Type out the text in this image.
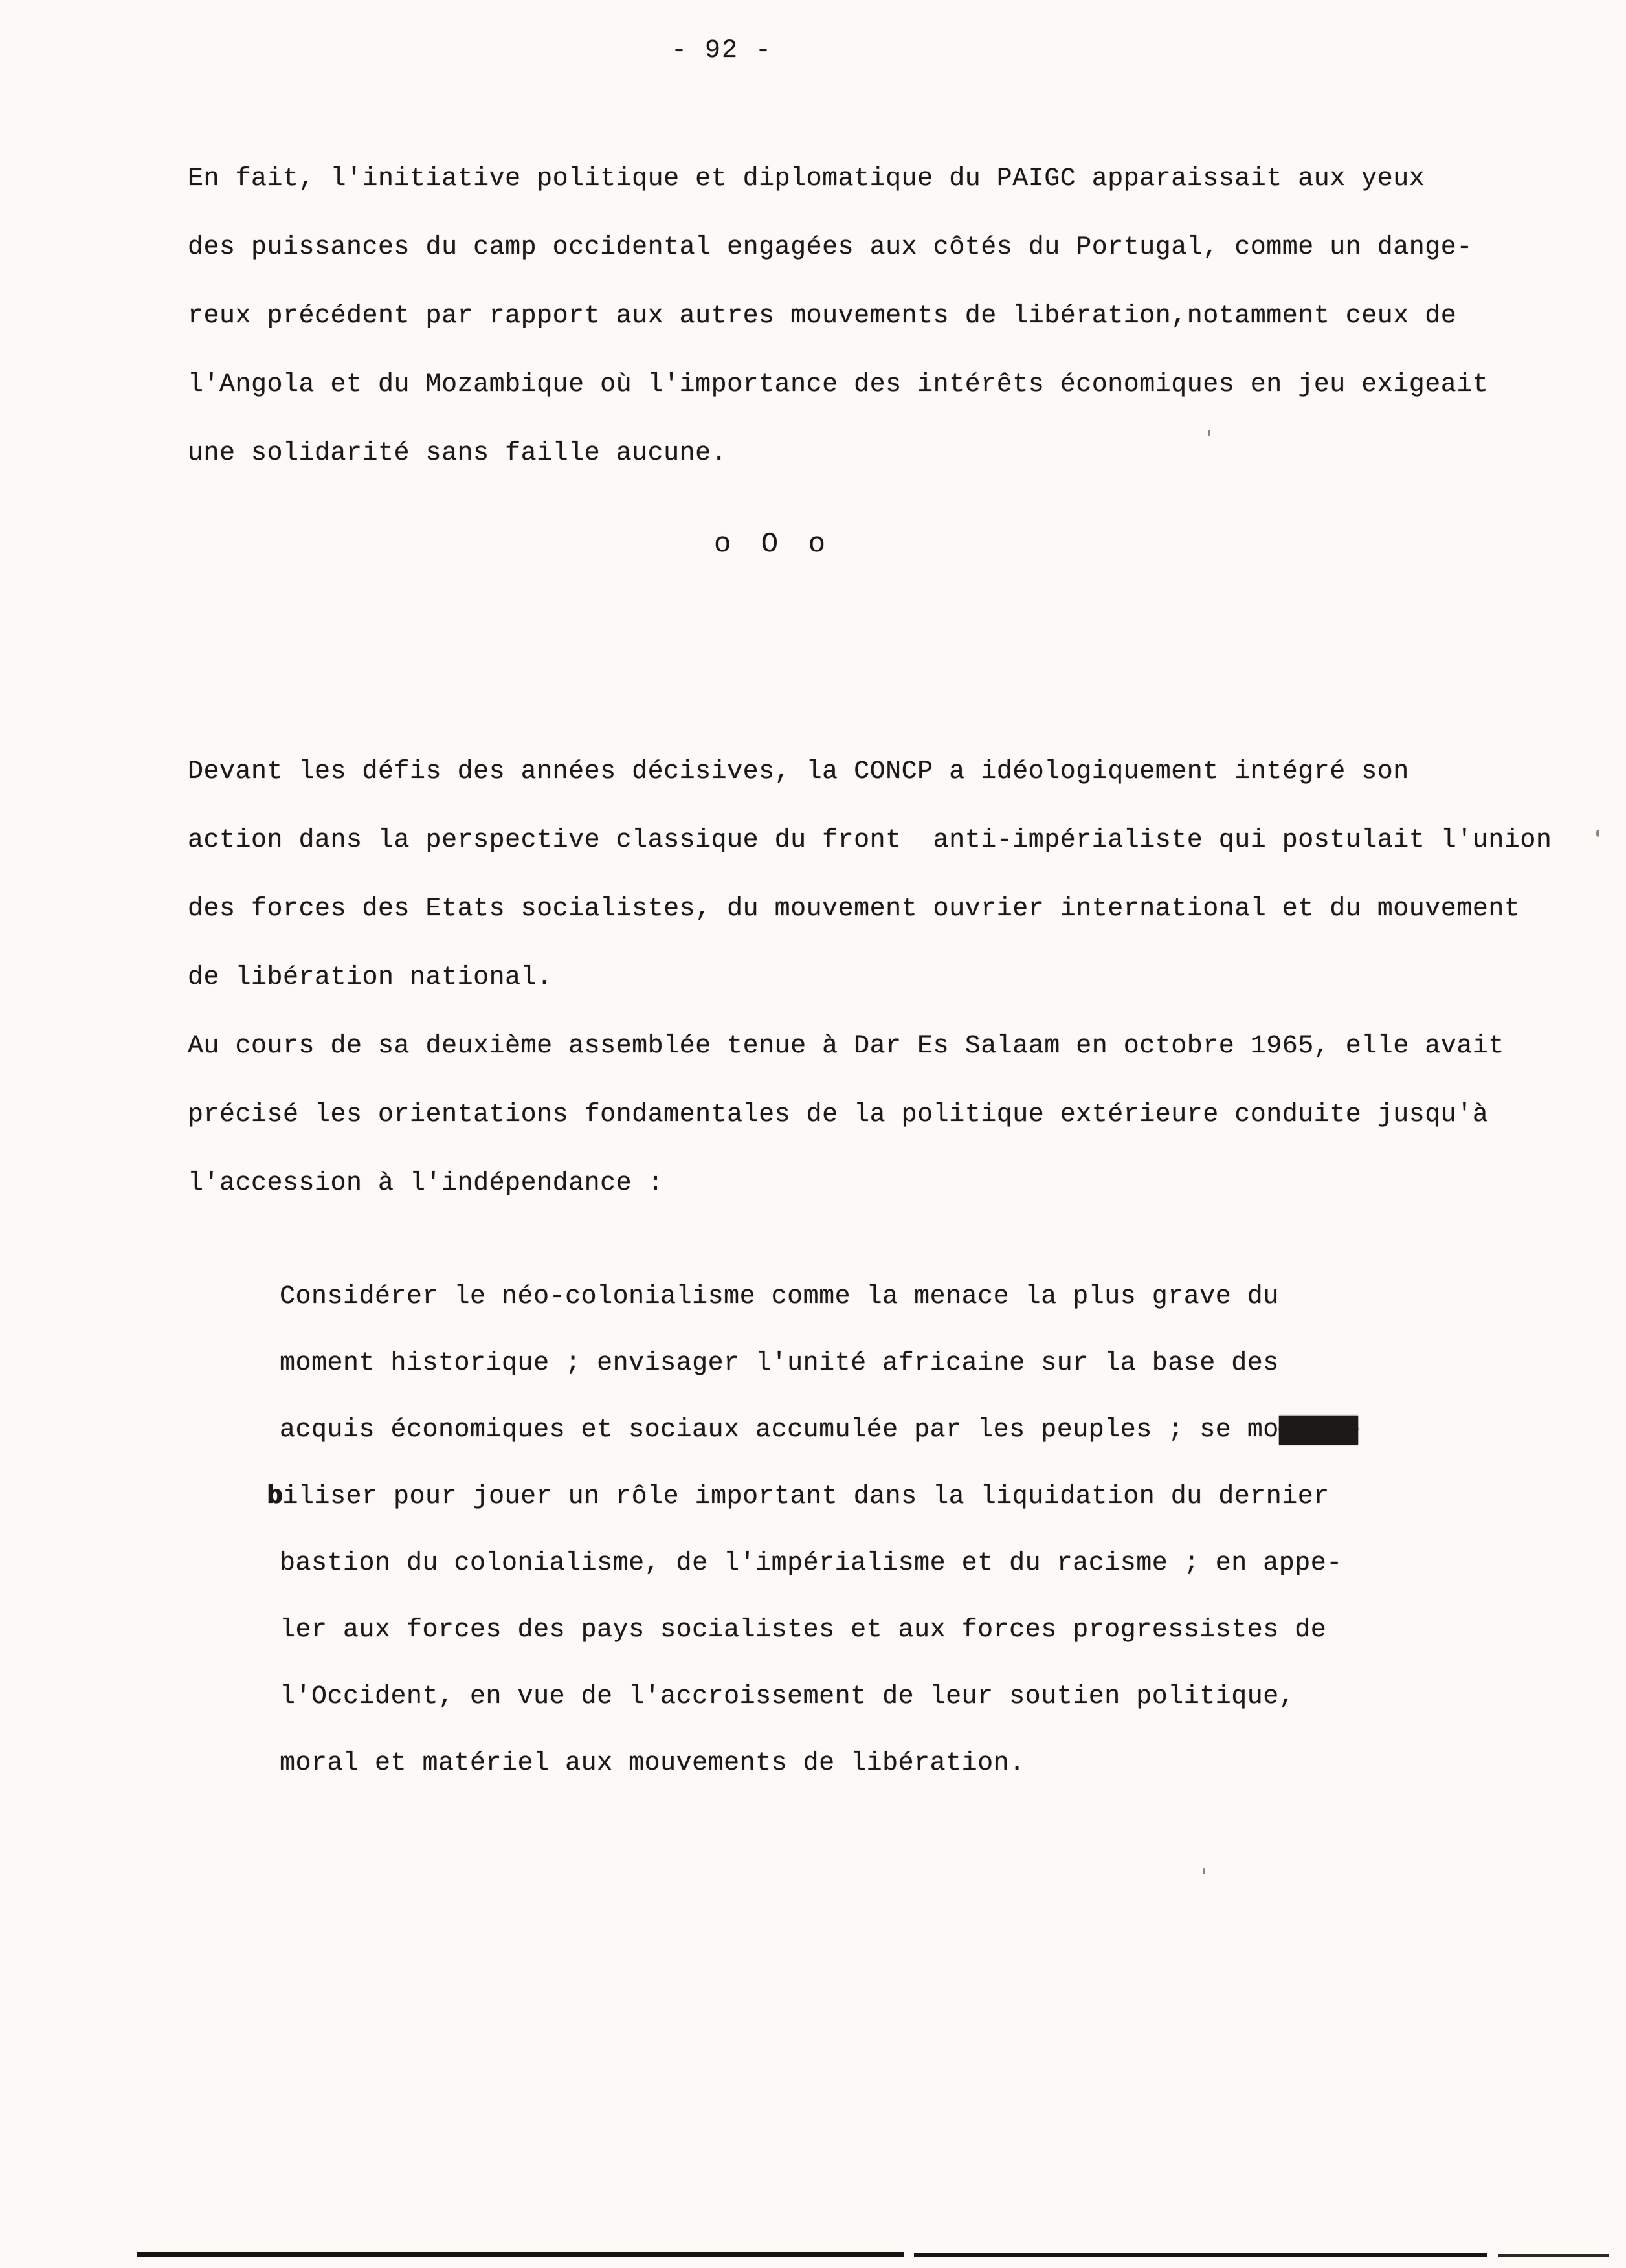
- 92 -
En fait, l'initiative politique et diplomatique du PAIGC apparaissait aux yeux
des puissances du camp occidental engagées aux côtés du Portugal, comme un dange-
reux précédent par rapport aux autres mouvements de libération,notamment ceux de
l'Angola et du Mozambique où l'importance des intérêts économiques en jeu exigeait
une solidarité sans faille aucune.
o O o
Devant les défis des années décisives, la CONCP a idéologiquement intégré son
action dans la perspective classique du front  anti-impérialiste qui postulait l'union
des forces des Etats socialistes, du mouvement ouvrier international et du mouvement
de libération national.
Au cours de sa deuxième assemblée tenue à Dar Es Salaam en octobre 1965, elle avait
précisé les orientations fondamentales de la politique extérieure conduite jusqu'à
l'accession à l'indépendance :
Considérer le néo-colonialisme comme la menace la plus grave du
moment historique ; envisager l'unité africaine sur la base des
acquis économiques et sociaux accumulée par les peuples ; se monopo-
biliser pour jouer un rôle important dans la liquidation du dernier
bastion du colonialisme, de l'impérialisme et du racisme ; en appe-
ler aux forces des pays socialistes et aux forces progressistes de
l'Occident, en vue de l'accroissement de leur soutien politique,
moral et matériel aux mouvements de libération.
